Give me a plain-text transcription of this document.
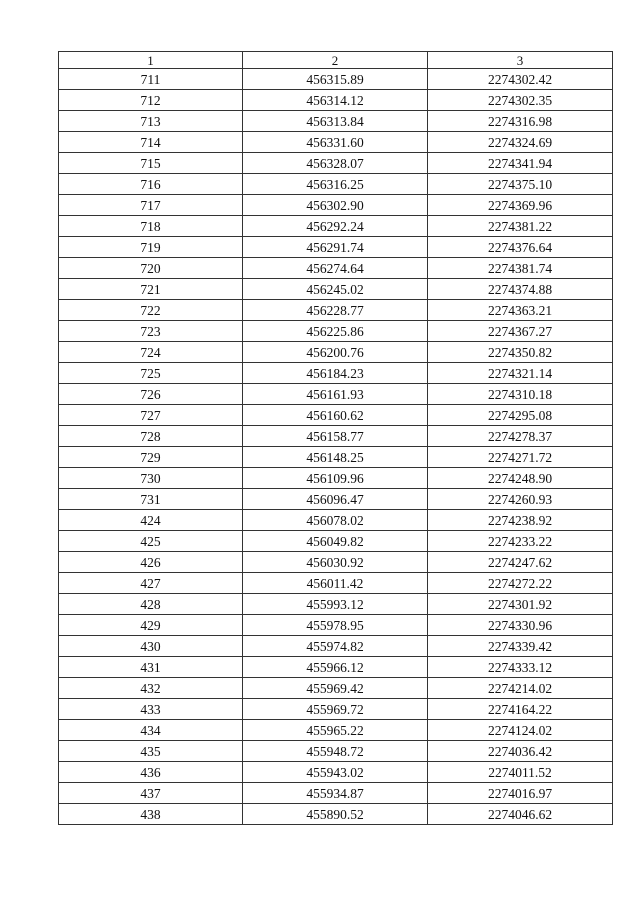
1	2	3
711	456315.89	2274302.42
712	456314.12	2274302.35
713	456313.84	2274316.98
714	456331.60	2274324.69
715	456328.07	2274341.94
716	456316.25	2274375.10
717	456302.90	2274369.96
718	456292.24	2274381.22
719	456291.74	2274376.64
720	456274.64	2274381.74
721	456245.02	2274374.88
722	456228.77	2274363.21
723	456225.86	2274367.27
724	456200.76	2274350.82
725	456184.23	2274321.14
726	456161.93	2274310.18
727	456160.62	2274295.08
728	456158.77	2274278.37
729	456148.25	2274271.72
730	456109.96	2274248.90
731	456096.47	2274260.93
424	456078.02	2274238.92
425	456049.82	2274233.22
426	456030.92	2274247.62
427	456011.42	2274272.22
428	455993.12	2274301.92
429	455978.95	2274330.96
430	455974.82	2274339.42
431	455966.12	2274333.12
432	455969.42	2274214.02
433	455969.72	2274164.22
434	455965.22	2274124.02
435	455948.72	2274036.42
436	455943.02	2274011.52
437	455934.87	2274016.97
438	455890.52	2274046.62
